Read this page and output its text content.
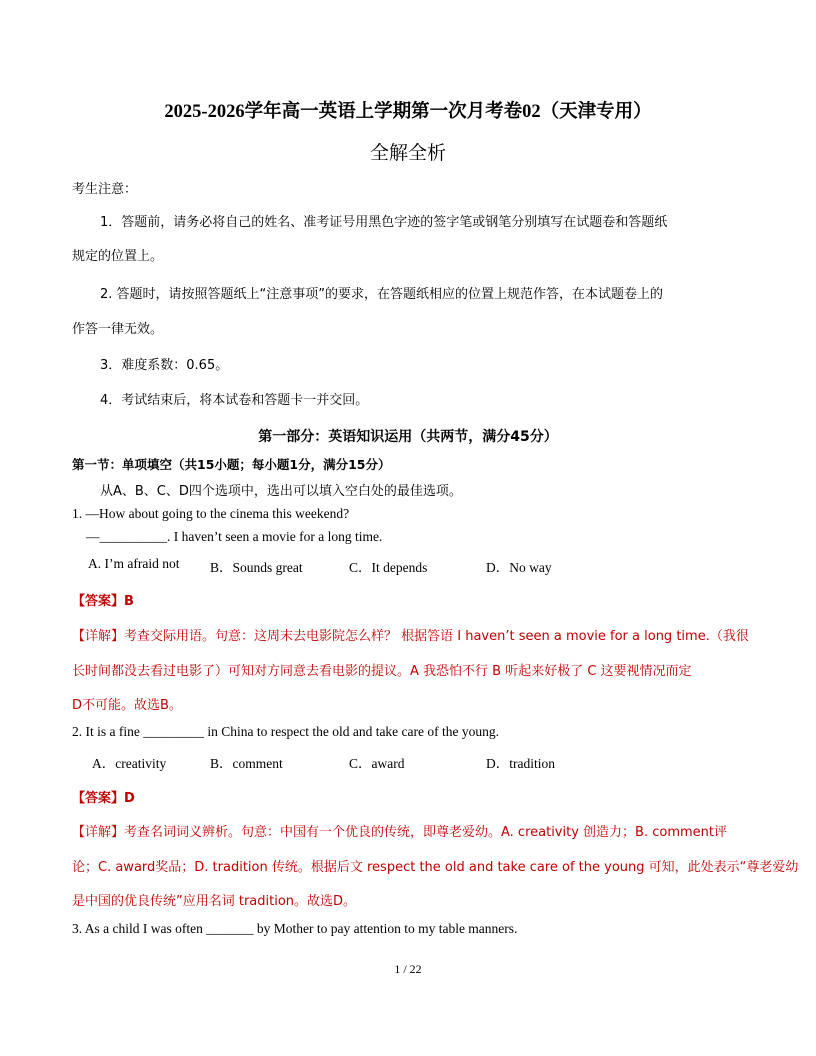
2025-2026学年高一英语上学期第一次月考卷02（天津专用）
全解全析
考生注意：
1．答题前，请务必将自己的姓名、准考证号用黑色字迹的签字笔或钢笔分别填写在试题卷和答题纸
规定的位置上。
2. 答题时，请按照答题纸上“注意事项”的要求，在答题纸相应的位置上规范作答，在本试题卷上的
作答一律无效。
3．难度系数：0.65。
4．考试结束后，将本试卷和答题卡一并交回。
第一部分：英语知识运用（共两节，满分45分）
第一节：单项填空（共15小题；每小题1分，满分15分）
从A、B、C、D四个选项中，选出可以填入空白处的最佳选项。
1. —How about going to the cinema this weekend?
—__________. I haven’t seen a movie for a long time.
A. I’m afraid not B．Sounds great	C．It depends	D．No way
【答案】B
【详解】考查交际用语。句意：这周末去电影院怎么样？ 根据答语 I haven’t seen a movie for a long time.（我很
长时间都没去看过电影了）可知对方同意去看电影的提议。A 我恐怕不行 B 听起来好极了 C 这要视情况而定
D不可能。故选B。
2. It is a fine _________ in China to respect the old and take care of the young.
A．creativity	B．comment	C．award	D．tradition
【答案】D
【详解】考查名词词义辨析。句意：中国有一个优良的传统，即尊老爱幼。A. creativity 创造力；B. comment评
论；C. award奖品；D. tradition 传统。根据后文 respect the old and take care of the young 可知，此处表示“尊老爱幼
是中国的优良传统”应用名词 tradition。故选D。
3. As a child I was often _______ by Mother to pay attention to my table manners.
1 / 22
